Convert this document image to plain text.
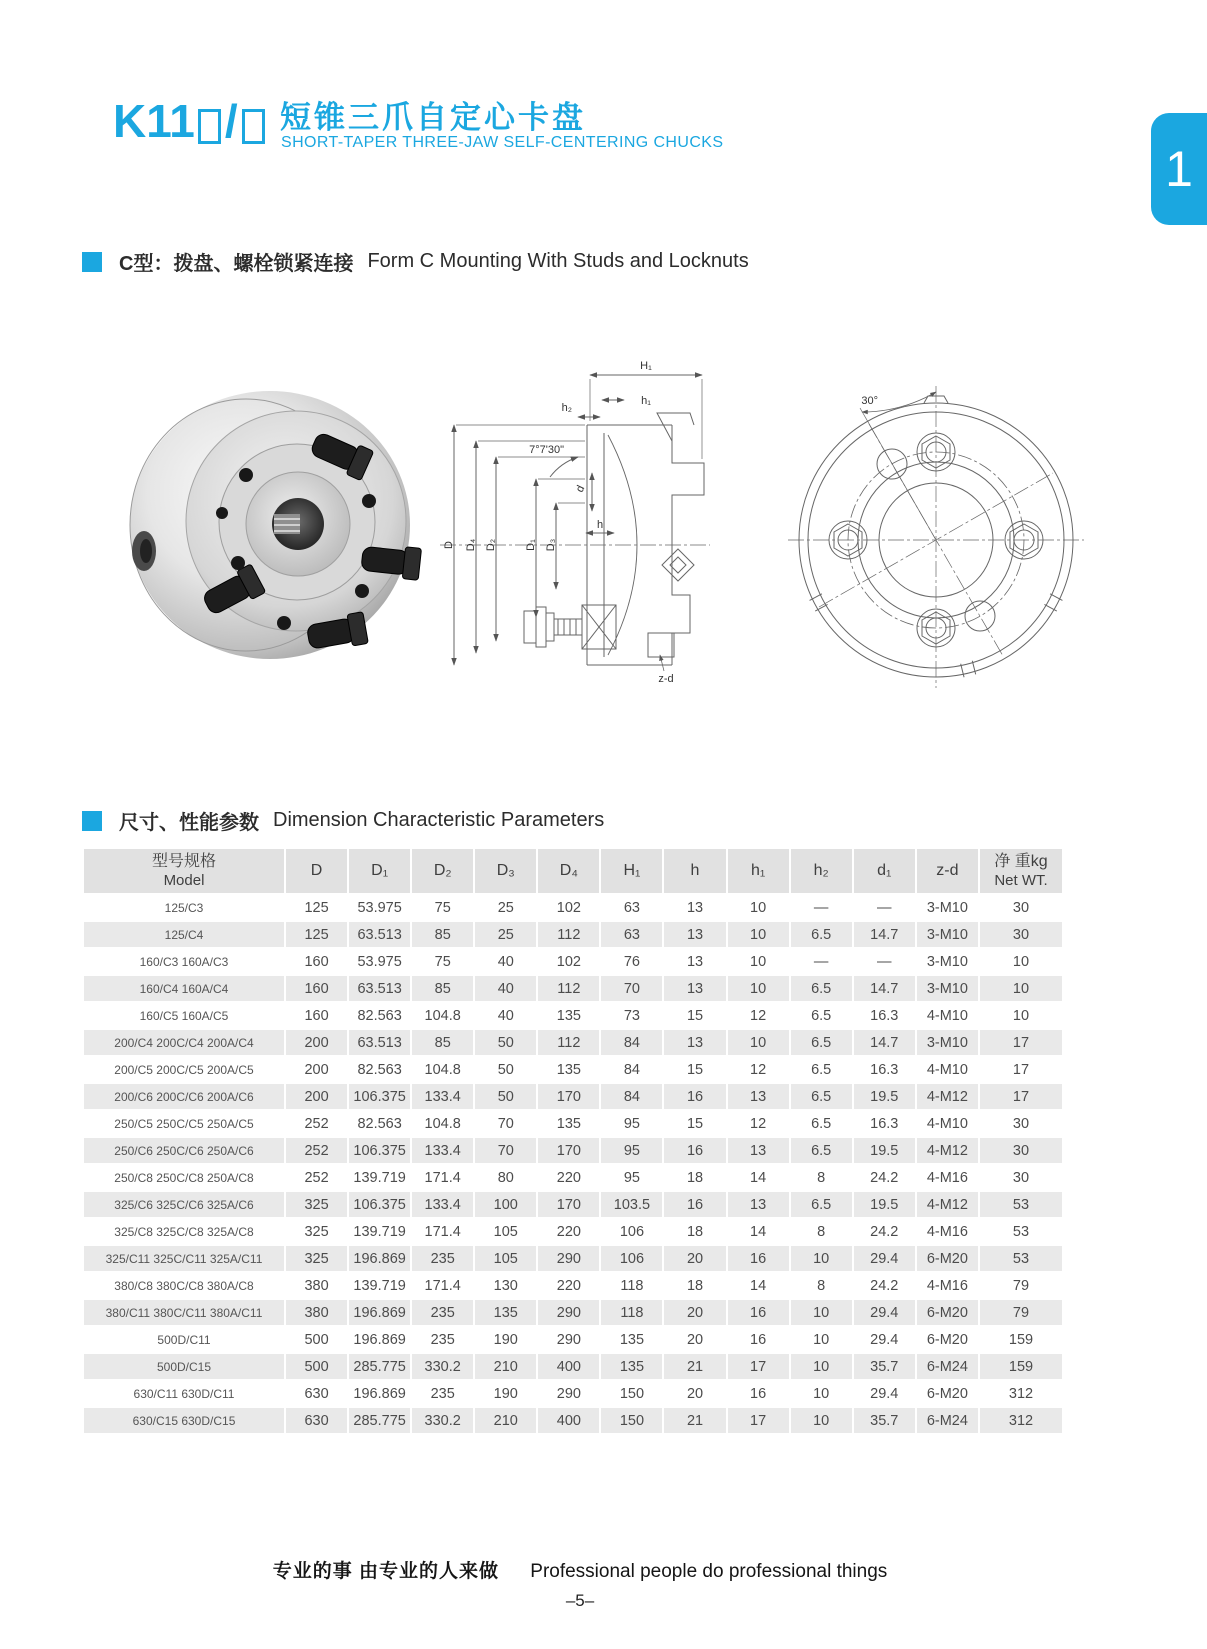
K11 / 短锥三爪自定心卡盘
SHORT-TAPER THREE-JAW SELF-CENTERING CHUCKS	1
C型：拨盘、螺栓锁紧连接 Form C Mounting With Studs and Locknuts
H₁
h₁
h₂
7°7'30"
d
h
D D₄ D₂	D₁ D₃
z-d
30°
尺寸、性能参数 Dimension Characteristic Parameters
型号规格
Model

D	D₁	D₂	D₃	D₄	H₁	h	h₁	h₂	d₁	z-d

净 重kg
Net WT.

125/C3	125	53.975	75	25	102	63	13	10	—	—	3-M10	30
125/C4	125	63.513	85	25	112	63	13	10	6.5	14.7	3-M10	30
160/C3 160A/C3	160	53.975	75	40	102	76	13	10	—	—	3-M10	10
160/C4 160A/C4	160	63.513	85	40	112	70	13	10	6.5	14.7	3-M10	10
160/C5 160A/C5	160	82.563	104.8	40	135	73	15	12	6.5	16.3	4-M10	10
200/C4 200C/C4 200A/C4	200	63.513	85	50	112	84	13	10	6.5	14.7	3-M10	17
200/C5 200C/C5 200A/C5	200	82.563	104.8	50	135	84	15	12	6.5	16.3	4-M10	17
200/C6 200C/C6 200A/C6	200	106.375	133.4	50	170	84	16	13	6.5	19.5	4-M12	17
250/C5 250C/C5 250A/C5	252	82.563	104.8	70	135	95	15	12	6.5	16.3	4-M10	30
250/C6 250C/C6 250A/C6	252	106.375	133.4	70	170	95	16	13	6.5	19.5	4-M12	30
250/C8 250C/C8 250A/C8	252	139.719	171.4	80	220	95	18	14	8	24.2	4-M16	30
325/C6 325C/C6 325A/C6	325	106.375	133.4	100	170	103.5	16	13	6.5	19.5	4-M12	53
325/C8 325C/C8 325A/C8	325	139.719	171.4	105	220	106	18	14	8	24.2	4-M16	53
325/C11 325C/C11 325A/C11	325	196.869	235	105	290	106	20	16	10	29.4	6-M20	53
380/C8 380C/C8 380A/C8	380	139.719	171.4	130	220	118	18	14	8	24.2	4-M16	79
380/C11 380C/C11 380A/C11	380	196.869	235	135	290	118	20	16	10	29.4	6-M20	79
500D/C11	500	196.869	235	190	290	135	20	16	10	29.4	6-M20	159
500D/C15	500	285.775	330.2	210	400	135	21	17	10	35.7	6-M24	159
630/C11 630D/C11	630	196.869	235	190	290	150	20	16	10	29.4	6-M20	312
630/C15 630D/C15	630	285.775	330.2	210	400	150	21	17	10	35.7	6-M24	312
专业的事 由专业的人来做 Professional people do professional things
–5–
